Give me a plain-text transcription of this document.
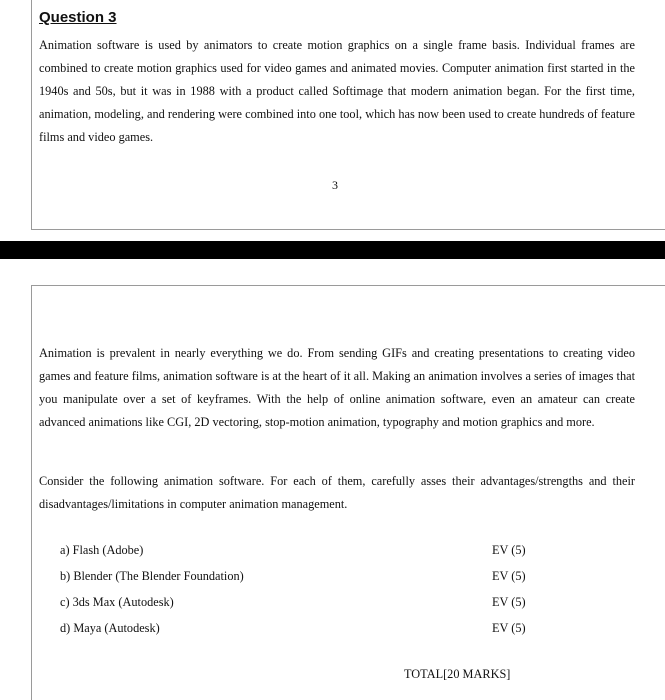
Question 3

Animation software is used by animators to create motion graphics on a single frame basis. Individual frames are combined to create motion graphics used for video games and animated movies. Computer animation first started in the 1940s and 50s, but it was in 1988 with a product called Softimage that modern animation began. For the first time, animation, modeling, and rendering were combined into one tool, which has now been used to create hundreds of feature films and video games.

3

Animation is prevalent in nearly everything we do. From sending GIFs and creating presentations to creating video games and feature films, animation software is at the heart of it all. Making an animation involves a series of images that you manipulate over a set of keyframes. With the help of online animation software, even an amateur can create advanced animations like CGI, 2D vectoring, stop-motion animation, typography and motion graphics and more.

Consider the following animation software. For each of them, carefully asses their advantages/strengths and their disadvantages/limitations in computer animation management.

a) Flash (Adobe)	EV (5)
b) Blender (The Blender Foundation)	EV (5)
c) 3ds Max (Autodesk)	EV (5)
d) Maya (Autodesk)	EV (5)
TOTAL[20 MARKS]
